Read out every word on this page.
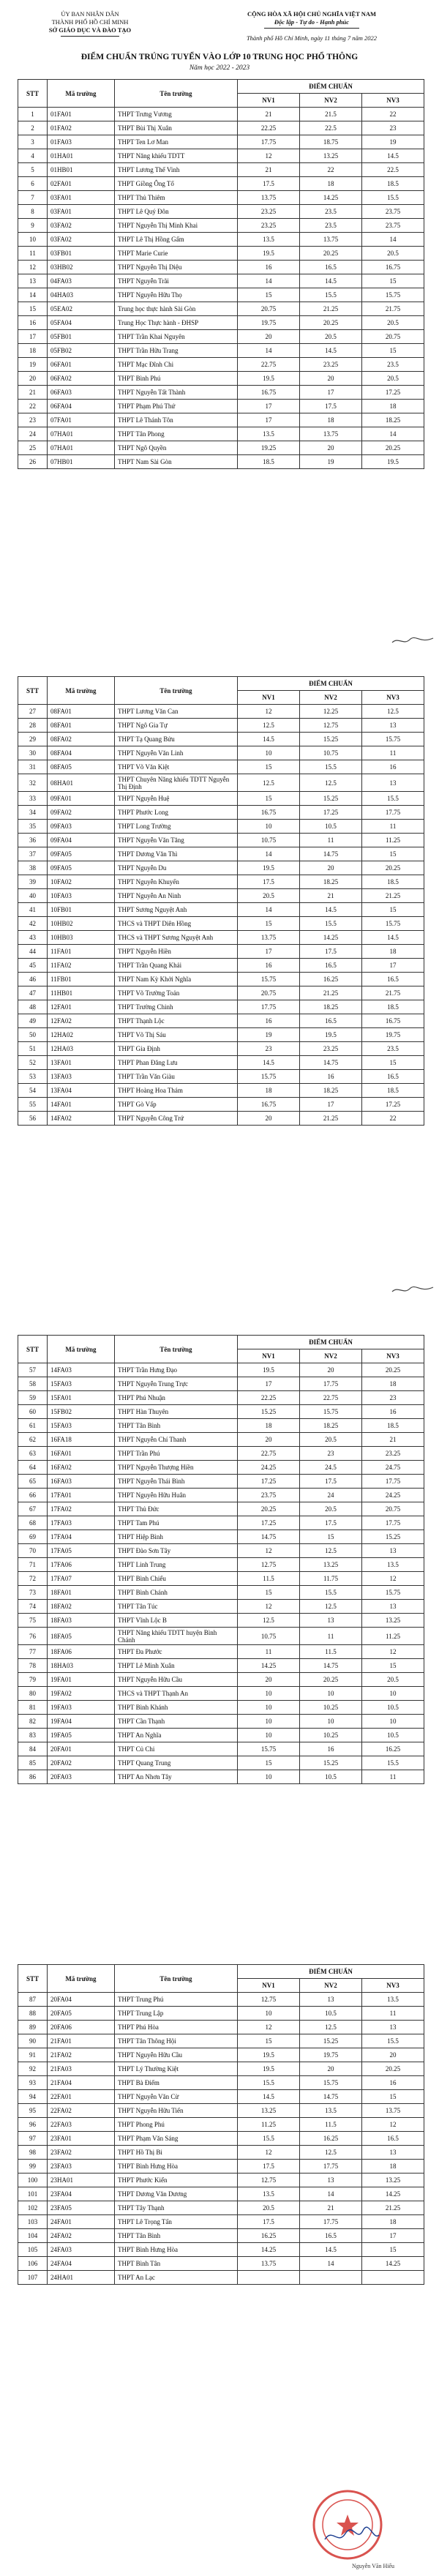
ỦY BAN NHÂN DÂN
THÀNH PHỐ HỒ CHÍ MINH
SỞ GIÁO DỤC VÀ ĐÀO TẠO
CỘNG HÒA XÃ HỘI CHỦ NGHĨA VIỆT NAM
Độc lập - Tự do - Hạnh phúc
Thành phố Hồ Chí Minh, ngày 11 tháng 7 năm 2022
ĐIỂM CHUẨN TRÚNG TUYỂN VÀO LỚP 10 TRUNG HỌC PHỔ THÔNG
Năm học 2022 - 2023
STT	Mã trường	Tên trường	ĐIỂM CHUẨN		
			NV1	NV2	NV3
1	01FA01	THPT Trưng Vương	21	21.5	22
2	01FA02	THPT Bùi Thị Xuân	22.25	22.5	23
3	01FA03	THPT Ten Lơ Man	17.75	18.75	19
4	01HA01	THPT Năng khiếu TDTT	12	13.25	14.5
5	01HB01	THPT Lương Thế Vinh	21	22	22.5
6	02FA01	THPT Giồng Ông Tố	17.5	18	18.5
7	03FA01	THPT Thủ Thiêm	13.75	14.25	15.5
8	03FA01	THPT Lê Quý Đôn	23.25	23.5	23.75
9	03FA02	THPT Nguyễn Thị Minh Khai	23.25	23.5	23.75
10	03FA02	THPT Lê Thị Hồng Gấm	13.5	13.75	14
11	03FB01	THPT Marie Curie	19.5	20.25	20.5
12	03HB02	THPT Nguyễn Thị Diệu	16	16.5	16.75
13	04FA03	THPT Nguyễn Trãi	14	14.5	15
14	04HA03	THPT Nguyễn Hữu Thọ	15	15.5	15.75
15	05EA02	Trung học thực hành Sài Gòn	20.75	21.25	21.75
16	05FA04	Trung Học Thực hành - ĐHSP	19.75	20.25	20.5
17	05FB01	THPT Trần Khai Nguyên	20	20.5	20.75
18	05FB02	THPT Trần Hữu Trang	14	14.5	15
19	06FA01	THPT Mạc Đĩnh Chi	22.75	23.25	23.5
20	06FA02	THPT Bình Phú	19.5	20	20.5
21	06FA03	THPT Nguyễn Tất Thành	16.75	17	17.25
22	06FA04	THPT Phạm Phú Thứ	17	17.5	18
23	07FA01	THPT Lê Thánh Tôn	17	18	18.25
24	07HA01	THPT Tân Phong	13.5	13.75	14
25	07HA01	THPT Ngô Quyền	19.25	20	20.25
26	07HB01	THPT Nam Sài Gòn	18.5	19	19.5
STT	Mã trường	Tên trường	ĐIỂM CHUẨN		
			NV1	NV2	NV3
27	08FA01	THPT Lương Văn Can	12	12.25	12.5
28	08FA01	THPT Ngô Gia Tự	12.5	12.75	13
29	08FA02	THPT Tạ Quang Bửu	14.5	15.25	15.75
30	08FA04	THPT Nguyễn Văn Linh	10	10.75	11
31	08FA05	THPT Võ Văn Kiệt	15	15.5	16
32	08HA01	THPT Chuyên Năng khiếu TDTT Nguyễn Thị Định	12.5	12.5	13
33	09FA01	THPT Nguyễn Huệ	15	15.25	15.5
34	09FA02	THPT Phước Long	16.75	17.25	17.75
35	09FA03	THPT Long Trường	10	10.5	11
36	09FA04	THPT Nguyễn Văn Tăng	10.75	11	11.25
37	09FA05	THPT Dương Văn Thì	14	14.75	15
38	09FA05	THPT Nguyễn Du	19.5	20	20.25
39	10FA02	THPT Nguyễn Khuyến	17.5	18.25	18.5
40	10FA03	THPT Nguyễn An Ninh	20.5	21	21.25
41	10FB01	THPT Sương Nguyệt Anh	14	14.5	15
42	10HB02	THCS và THPT Diên Hồng	15	15.5	15.75
43	10HB03	THCS và THPT Sương Nguyệt Anh	13.75	14.25	14.5
44	11FA01	THPT Nguyễn Hiền	17	17.5	18
45	11FA02	THPT Trần Quang Khải	16	16.5	17
46	11FB01	THPT Nam Kỳ Khởi Nghĩa	15.75	16.25	16.5
47	11HB01	THPT Võ Trường Toản	20.75	21.25	21.75
48	12FA01	THPT Trường Chinh	17.75	18.25	18.5
49	12FA02	THPT Thạnh Lộc	16	16.5	16.75
50	12HA02	THPT Võ Thị Sáu	19	19.5	19.75
51	12HA03	THPT Gia Định	23	23.25	23.5
52	13FA01	THPT Phan Đăng Lưu	14.5	14.75	15
53	13FA03	THPT Trần Văn Giàu	15.75	16	16.5
54	13FA04	THPT Hoàng Hoa Thám	18	18.25	18.5
55	14FA01	THPT Gò Vấp	16.75	17	17.25
56	14FA02	THPT Nguyễn Công Trứ	20	21.25	22
STT	Mã trường	Tên trường	ĐIỂM CHUẨN		
			NV1	NV2	NV3
57	14FA03	THPT Trần Hưng Đạo	19.5	20	20.25
58	15FA03	THPT Nguyễn Trung Trực	17	17.75	18
59	15FA01	THPT Phú Nhuận	22.25	22.75	23
60	15FB02	THPT Hàn Thuyên	15.25	15.75	16
61	15FA03	THPT Tân Bình	18	18.25	18.5
62	16FA18	THPT Nguyễn Chí Thanh	20	20.5	21
63	16FA01	THPT Trần Phú	22.75	23	23.25
64	16FA02	THPT Nguyễn Thượng Hiền	24.25	24.5	24.75
65	16FA03	THPT Nguyễn Thái Bình	17.25	17.5	17.75
66	17FA01	THPT Nguyễn Hữu Huân	23.75	24	24.25
67	17FA02	THPT Thủ Đức	20.25	20.5	20.75
68	17FA03	THPT Tam Phú	17.25	17.5	17.75
69	17FA04	THPT Hiệp Bình	14.75	15	15.25
70	17FA05	THPT Đào Sơn Tây	12	12.5	13
71	17FA06	THPT Linh Trung	12.75	13.25	13.5
72	17FA07	THPT Bình Chiểu	11.5	11.75	12
73	18FA01	THPT Bình Chánh	15	15.5	15.75
74	18FA02	THPT Tân Túc	12	12.5	13
75	18FA03	THPT Vĩnh Lộc B	12.5	13	13.25
76	18FA05	THPT Năng khiếu TDTT huyện Bình Chánh	10.75	11	11.25
77	18FA06	THPT Đa Phước	11	11.5	12
78	18HA03	THPT Lê Minh Xuân	14.25	14.75	15
79	19FA01	THPT Nguyễn Hữu Cầu	20	20.25	20.5
80	19FA02	THCS và THPT Thạnh An	10	10	10
81	19FA03	THPT Bình Khánh	10	10.25	10.5
82	19FA04	THPT Cần Thạnh	10	10	10
83	19FA05	THPT An Nghĩa	10	10.25	10.5
84	20FA01	THPT Củ Chi	15.75	16	16.25
85	20FA02	THPT Quang Trung	15	15.25	15.5
86	20FA03	THPT An Nhơn Tây	10	10.5	11
STT	Mã trường	Tên trường	ĐIỂM CHUẨN		
			NV1	NV2	NV3
87	20FA04	THPT Trung Phú	12.75	13	13.5
88	20FA05	THPT Trung Lập	10	10.5	11
89	20FA06	THPT Phú Hòa	12	12.5	13
90	21FA01	THPT Tân Thông Hội	15	15.25	15.5
91	21FA02	THPT Nguyễn Hữu Cầu	19.5	19.75	20
92	21FA03	THPT Lý Thường Kiệt	19.5	20	20.25
93	21FA04	THPT Bà Điểm	15.5	15.75	16
94	22FA01	THPT Nguyễn Văn Cừ	14.5	14.75	15
95	22FA02	THPT Nguyễn Hữu Tiến	13.25	13.5	13.75
96	22FA03	THPT Phong Phú	11.25	11.5	12
97	23FA01	THPT Phạm Văn Sáng	15.5	16.25	16.5
98	23FA02	THPT Hồ Thị Bi	12	12.5	13
99	23FA03	THPT Bình Hưng Hòa	17.5	17.75	18
100	23HA01	THPT Phước Kiển	12.75	13	13.25
101	23FA04	THPT Dương Văn Dương	13.5	14	14.25
102	23FA05	THPT Tây Thạnh	20.5	21	21.25
103	24FA01	THPT Lê Trọng Tấn	17.5	17.75	18
104	24FA02	THPT Tân Bình	16.25	16.5	17
105	24FA03	THPT Bình Hưng Hòa	14.25	14.5	15
106	24FA04	THPT Bình Tân	13.75	14	14.25
107	24HA01	THPT An Lạc			
Nguyễn Văn Hiếu
